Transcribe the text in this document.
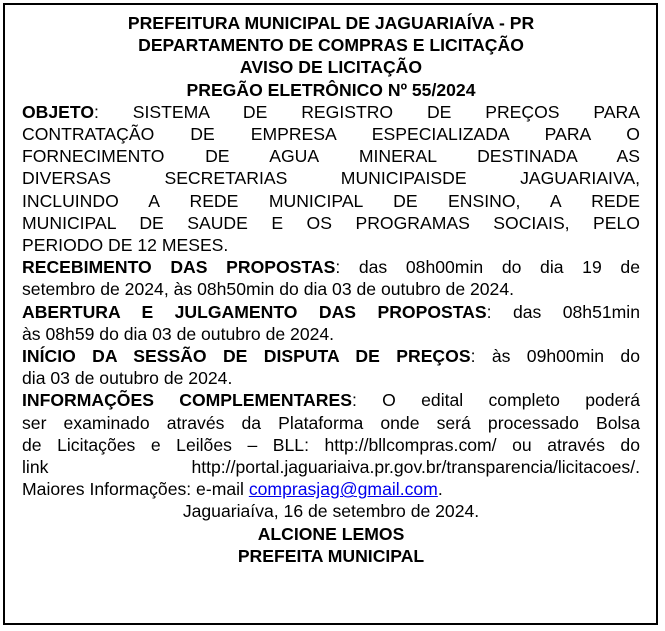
PREFEITURA MUNICIPAL DE JAGUARIAÍVA - PR
DEPARTAMENTO DE COMPRAS E LICITAÇÃO
AVISO DE LICITAÇÃO
PREGÃO ELETRÔNICO Nº 55/2024
OBJETO: SISTEMA DE REGISTRO DE PREÇOS PARA
CONTRATAÇÃO DE EMPRESA ESPECIALIZADA PARA O
FORNECIMENTO DE AGUA MINERAL DESTINADA AS
DIVERSAS SECRETARIAS MUNICIPAISDE JAGUARIAIVA,
INCLUINDO A REDE MUNICIPAL DE ENSINO, A REDE
MUNICIPAL DE SAUDE E OS PROGRAMAS SOCIAIS, PELO
PERIODO DE 12 MESES.
RECEBIMENTO DAS PROPOSTAS: das 08h00min do dia 19 de
setembro de 2024, às 08h50min do dia 03 de outubro de 2024.
ABERTURA E JULGAMENTO DAS PROPOSTAS: das 08h51min
às 08h59 do dia 03 de outubro de 2024.
INÍCIO DA SESSÃO DE DISPUTA DE PREÇOS: às 09h00min do
dia 03 de outubro de 2024.
INFORMAÇÕES COMPLEMENTARES: O edital completo poderá
ser examinado através da Plataforma onde será processado Bolsa
de Licitações e Leilões – BLL: http://bllcompras.com/ ou através do
link http://portal.jaguariaiva.pr.gov.br/transparencia/licitacoes/.
Maiores Informações: e-mail comprasjag@gmail.com.
Jaguariaíva, 16 de setembro de 2024.
ALCIONE LEMOS
PREFEITA MUNICIPAL
